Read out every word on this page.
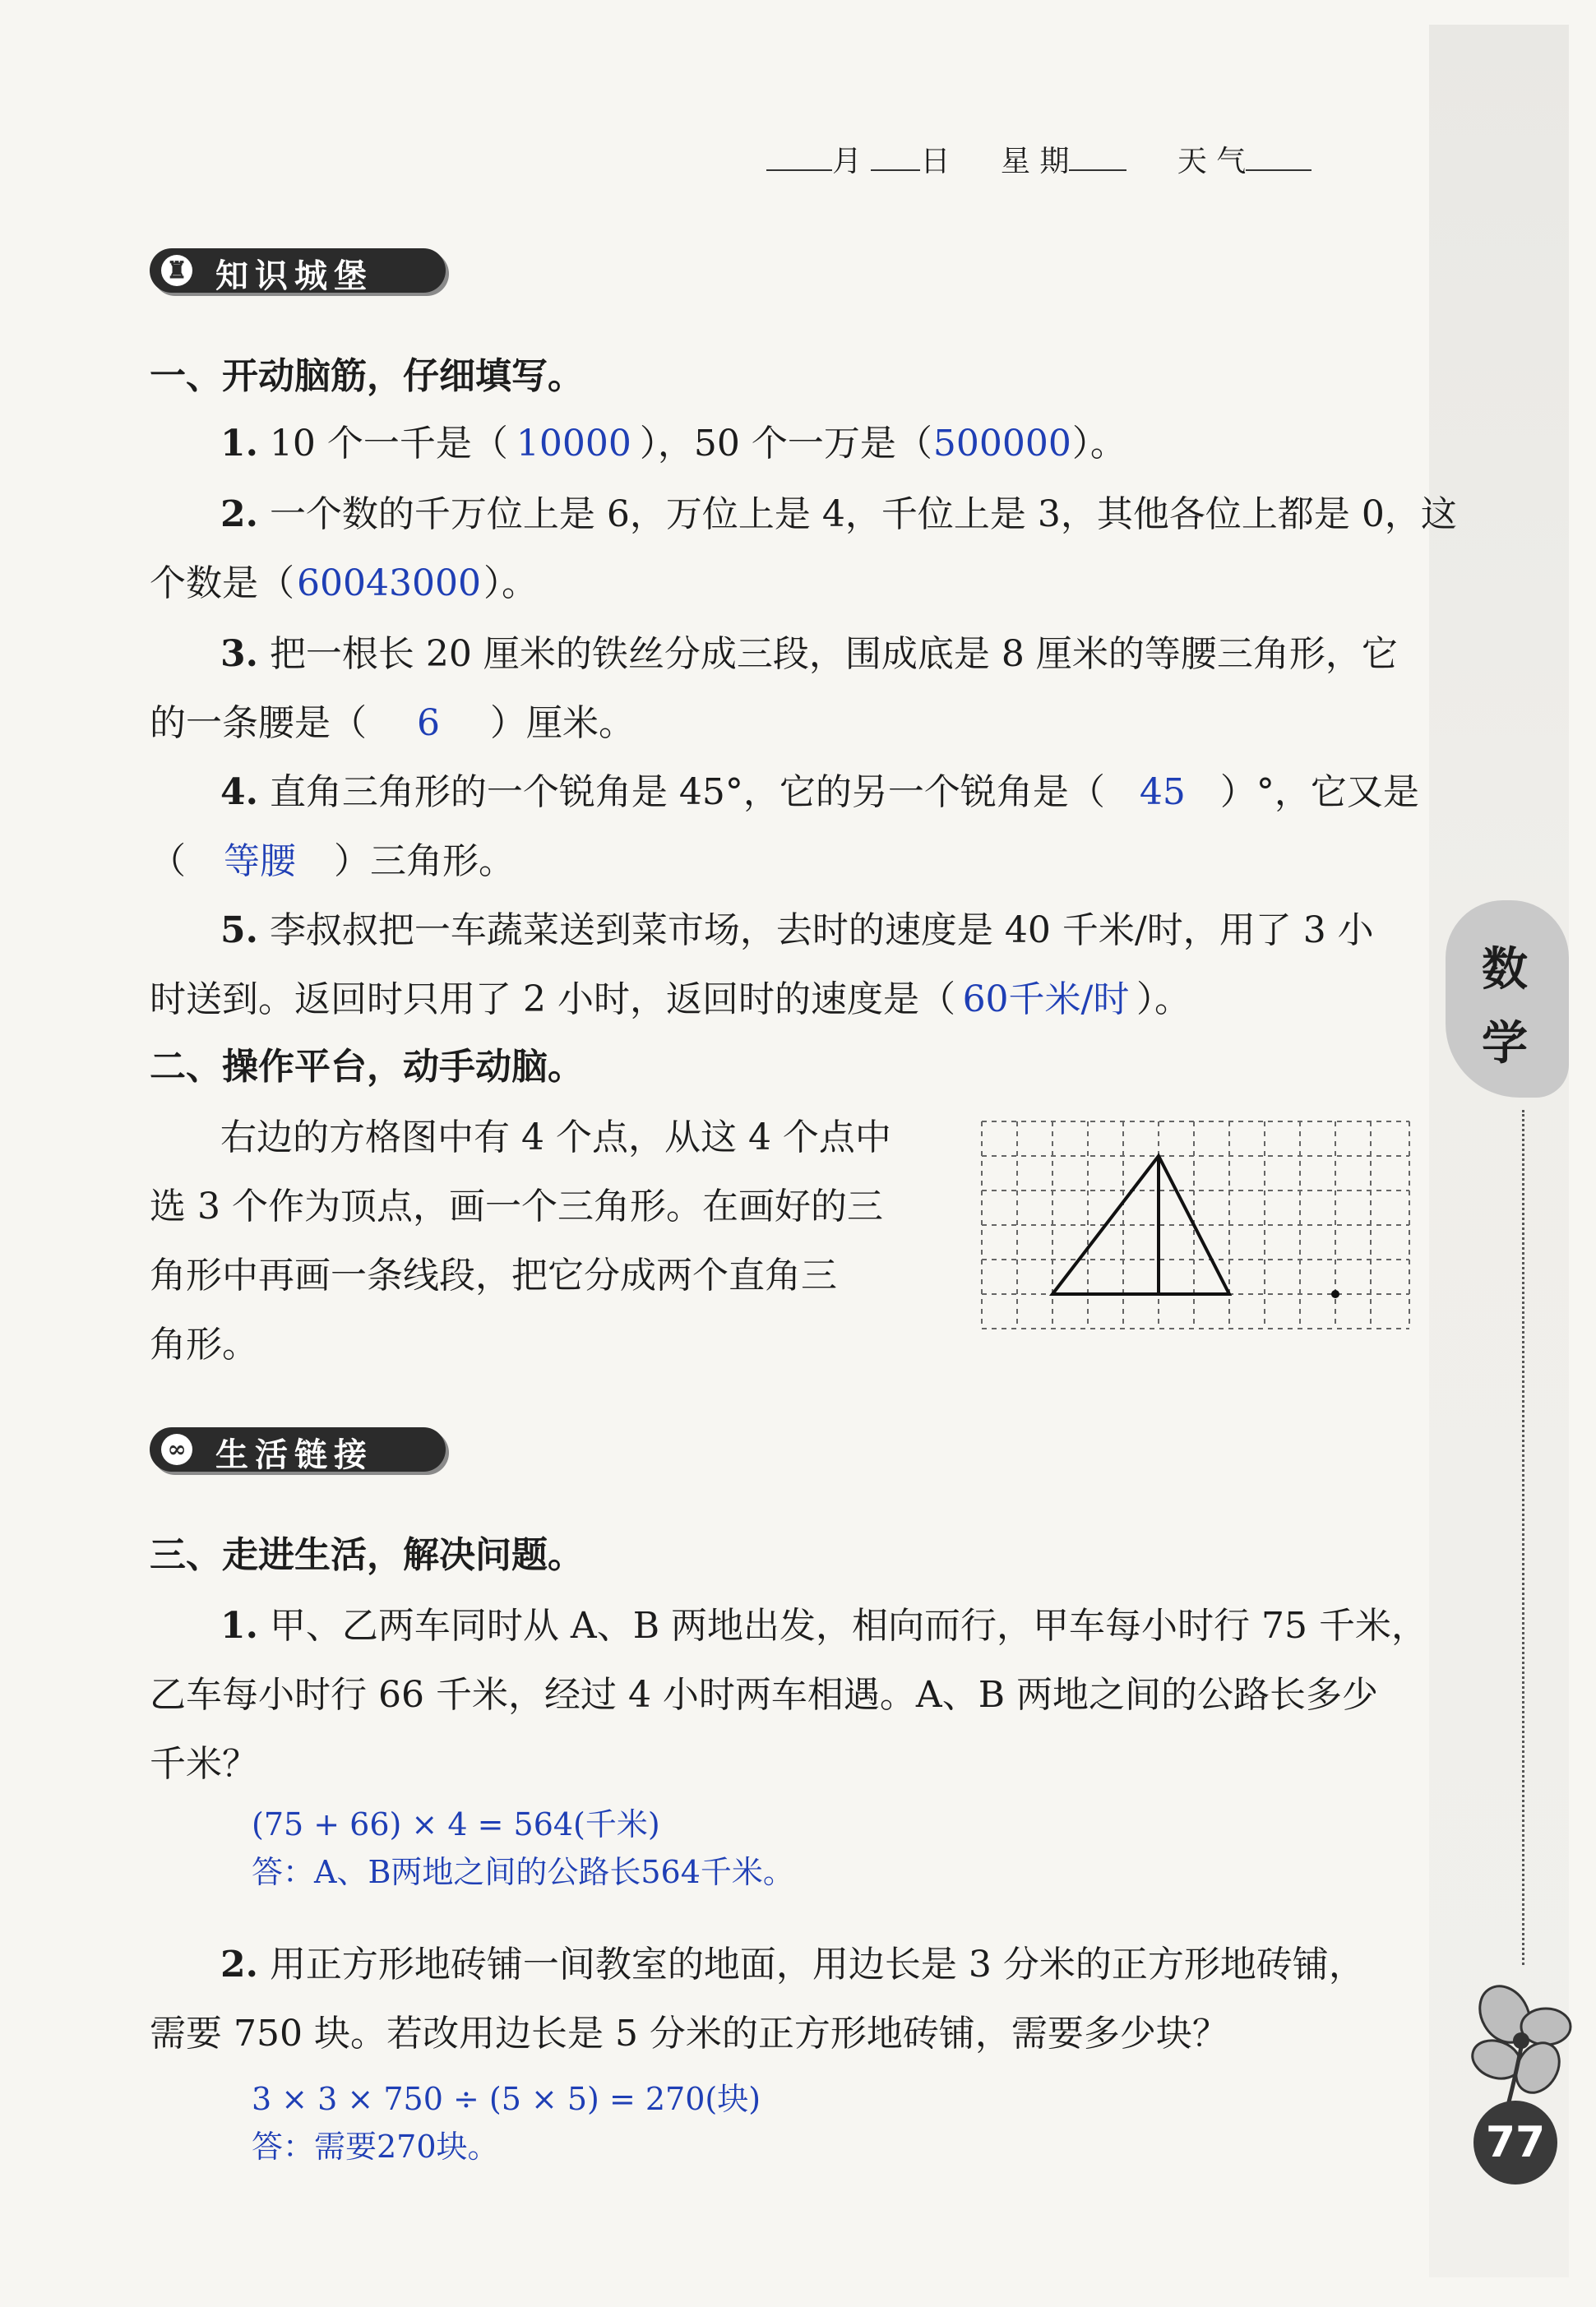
数
学
77
月 日 星 期	天 气
♜ 知识城堡
一、开动脑筋，仔细填写。
1. 10 个一千是（ 10000 ），50 个一万是（500000）。
2. 一个数的千万位上是 6，万位上是 4，千位上是 3，其他各位上都是 0，这
个数是（60043000）。
3. 把一根长 20 厘米的铁丝分成三段，围成底是 8 厘米的等腰三角形，它
的一条腰是（ 6 ）厘米。
4. 直角三角形的一个锐角是 45°，它的另一个锐角是（ 45 ）°，它又是
（ 等腰 ）三角形。
5. 李叔叔把一车蔬菜送到菜市场，去时的速度是 40 千米/时，用了 3 小
时送到。返回时只用了 2 小时，返回时的速度是（ 60千米/时 ）。
二、操作平台，动手动脑。
右边的方格图中有 4 个点，从这 4 个点中
选 3 个作为顶点，画一个三角形。在画好的三
角形中再画一条线段，把它分成两个直角三
角形。
∞ 生活链接
三、走进生活，解决问题。
1. 甲、乙两车同时从 A、B 两地出发，相向而行，甲车每小时行 75 千米，
乙车每小时行 66 千米，经过 4 小时两车相遇。A、B 两地之间的公路长多少
千米？
(75 + 66) × 4 = 564(千米)
答：A、B两地之间的公路长564千米。
2. 用正方形地砖铺一间教室的地面，用边长是 3 分米的正方形地砖铺，
需要 750 块。若改用边长是 5 分米的正方形地砖铺，需要多少块？
3 × 3 × 750 ÷ (5 × 5) = 270(块)
答：需要270块。
